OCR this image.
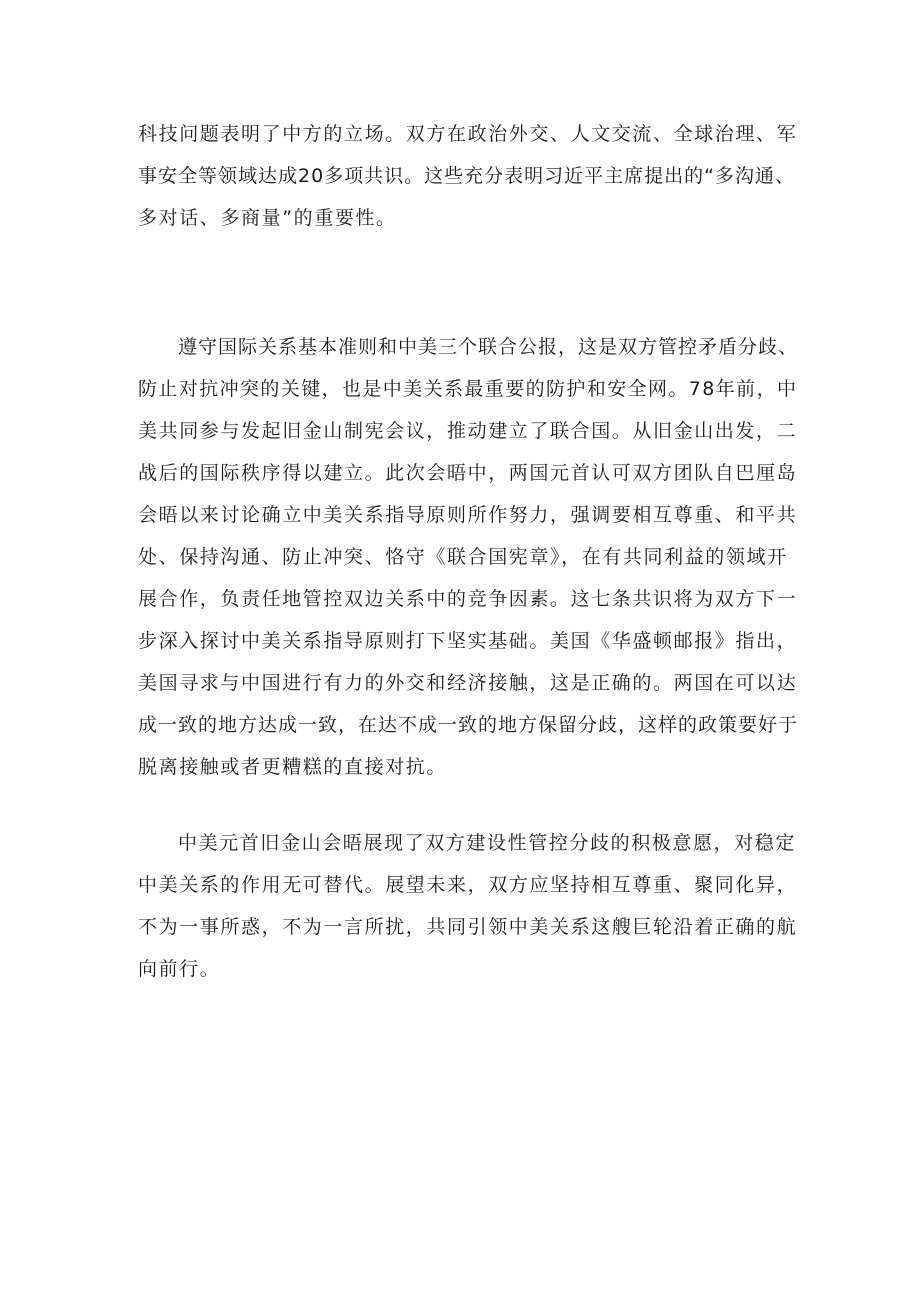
科技问题表明了中方的立场。双方在政治外交、人文交流、全球治理、军
事安全等领域达成20多项共识。这些充分表明习近平主席提出的“多沟通、
多对话、多商量”的重要性。
遵守国际关系基本准则和中美三个联合公报，这是双方管控矛盾分歧、
防止对抗冲突的关键，也是中美关系最重要的防护和安全网。78年前，中
美共同参与发起旧金山制宪会议，推动建立了联合国。从旧金山出发，二
战后的国际秩序得以建立。此次会晤中，两国元首认可双方团队自巴厘岛
会晤以来讨论确立中美关系指导原则所作努力，强调要相互尊重、和平共
处、保持沟通、防止冲突、恪守《联合国宪章》，在有共同利益的领域开
展合作，负责任地管控双边关系中的竞争因素。这七条共识将为双方下一
步深入探讨中美关系指导原则打下坚实基础。美国《华盛顿邮报》指出，
美国寻求与中国进行有力的外交和经济接触，这是正确的。两国在可以达
成一致的地方达成一致，在达不成一致的地方保留分歧，这样的政策要好于
脱离接触或者更糟糕的直接对抗。
中美元首旧金山会晤展现了双方建设性管控分歧的积极意愿，对稳定
中美关系的作用无可替代。展望未来，双方应坚持相互尊重、聚同化异，
不为一事所惑，不为一言所扰，共同引领中美关系这艘巨轮沿着正确的航
向前行。
